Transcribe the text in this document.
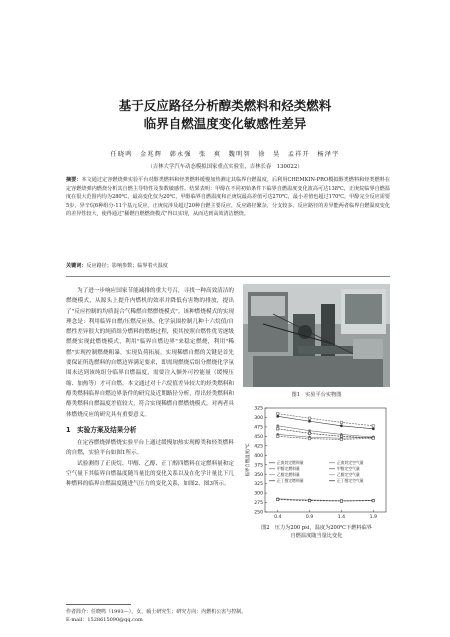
基于反应路径分析醇类燃料和烃类燃料
临界自燃温度变化敏感性差异
任晓鸣　金兆辉　韩永强　张　爽　魏明智　徐　昊　孟祥开　杨泽宇
（吉林大学汽车动态模拟国家重点实验室，吉林长春　130022）
摘要：本文通过定容燃烧弹实验平台对醇类燃料和烃类燃料缓慢加热测定其临界自燃温度，后利用CHEMKIN-PRO模拟醇类燃料和烃类燃料在定容燃烧弹内燃烧分析其自燃主导特性及参数敏感性。结果表明：甲醇在不同初始条件下临界自燃温度变化波高可达138℃，正庚烷临界自燃温度在很大范围内均为280℃，最高变化仅为20℃，甲醇临界自燃温度和正庚烷最高差值可达270℃，最小差值也超过170℃。甲醇完全反应需要5步，异辛烷6种组分-11个基元反应。正庚烷涉及超过20种自燃主要反应，反应路径繁杂，分支较多。反应路径的差异能两者临界自燃温度变化的差异性较大，使得通过"稀燃自燃燃烧模式"得以实现，从而达到高效清洁燃烧。
关键词：反应路径；影响参数；临界着火温度

为了进一步响应国家节能减排的重大号召，寻找一种高效清洁的燃烧模式，从源头上提升内燃机的效率并降低有害物的排放，提出了"反应控制的均质混合气稀燃自燃燃烧模式"。该种燃烧模式的实现理念是：利用临界自燃/压燃反应热、化学氛围控制几种十六烷值/自燃性差异很大的纯质组分燃料的燃烧过程，使其按照自燃性优劣逐级燃烧实现此燃烧模式，利用"临界自燃边界"来稳定燃烧，利用"稀燃"实现控制燃烧粗暴，实现负荷拓展。实现稀燃自燃的关键是首先要保证所选燃料的自燃边界满足要求，即需现燃烧后组分燃烧化学氛围未达到该纯组分临界自燃温度，需要注入额外可控能量（缓慢压缩、加热等）才可自燃。本文通过对十六烷值差异较大的烃类燃料和醇类燃料临界自燃边界条件的研究及近期路径分析，得出烃类燃料和醇类燃料自燃温度差值较大，符合实现稀燃自燃燃烧模式，对两者具体燃烧反应的研究具有重要意义。

1　实验方案及结果分析

在定容燃烧弹燃烧实验平台上通过缓慢加热实现醇类和烃类燃料的自燃，实验平台如图1所示。

试验测得了正庚烷、甲醇、乙醇、正丁醇四燃料在定燃料量和定空气量下其临界自燃温度随当量比的变化关系以及在化学计量比下几种燃料的临界自燃温度随进气压力的变化关系，如图2、图3所示。

图1　实验平台实物图
325
300
475
450
425
400
375
350
325
300
275
250
0.4	0.9	1.4	1.9
临界自燃温度/℃	正庚烷定燃料量
甲醇定燃料量
乙醇定燃料量
正丁醇定燃料量
正庚烷定空气量
甲醇定空气量
乙醇定空气量
正丁醇定空气量
图2　压力为200 psi，温度为200℃下燃料临界
自燃温度随当量比变化
作者简介：任晓鸣（1993—），女，硕士研究生；研究方向：内燃机公害与控制。
E-mail：1528615090@qq.com
